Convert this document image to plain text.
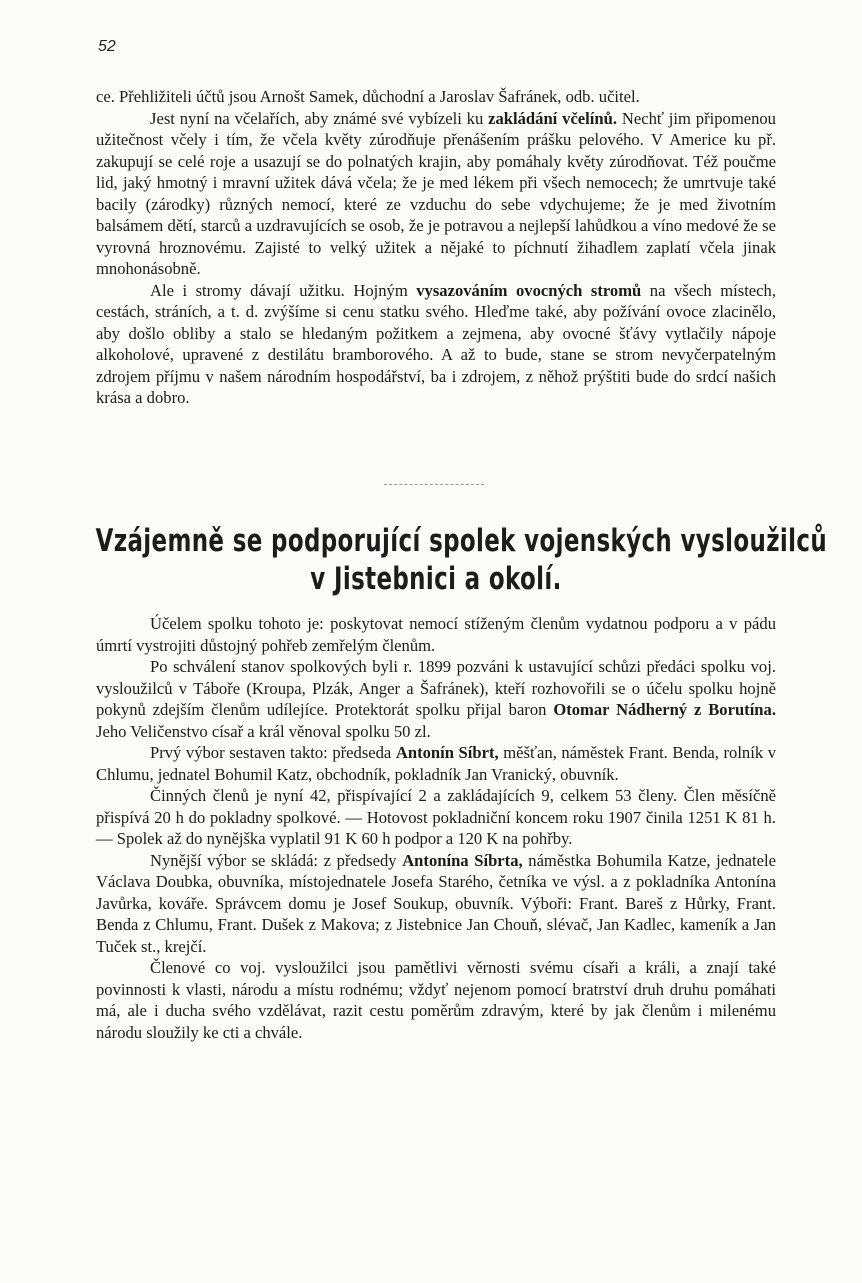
52

ce. Přehližiteli účtů jsou Arnošt Samek, důchodní a Jaroslav Šafránek, odb. učitel.

Jest nyní na včelařích, aby známé své vybízeli ku zakládání včelínů. Nechť jim připomenou užitečnost včely i tím, že včela květy zúrodňuje přenášením prášku pelového. V Americe ku př. zakupují se celé roje a usazují se do polnatých krajin, aby pomáhaly květy zúrodňovat. Též poučme lid, jaký hmotný i mravní užitek dává včela; že je med lékem při všech nemocech; že umrtvuje také bacily (zárodky) různých nemocí, které ze vzduchu do sebe vdychujeme; že je med životním balsámem dětí, starců a uzdravujících se osob, že je potravou a nejlepší lahůdkou a víno medové že se vyrovná hroznovému. Zajisté to velký užitek a nějaké to píchnutí žihadlem zaplatí včela jinak mnohonásobně.

Ale i stromy dávají užitku. Hojným vysazováním ovocných stromů na všech místech, cestách, stráních, a t. d. zvýšíme si cenu statku svého. Hleďme také, aby požívání ovoce zlacinělo, aby došlo obliby a stalo se hledaným požitkem a zejmena, aby ovocné šťávy vytlačily nápoje alkoholové, upravené z destilátu bramborového. A až to bude, stane se strom nevyčerpatelným zdrojem příjmu v našem národním hospodářství, ba i zdrojem, z něhož prýštiti bude do srdcí našich krása a dobro.

Vzájemně se podporující spolek vojenských vysloužilců
v Jistebnici a okolí.

Účelem spolku tohoto je: poskytovat nemocí stíženým členům vydatnou podporu a v pádu úmrtí vystrojiti důstojný pohřeb zemřelým členům.

Po schválení stanov spolkových byli r. 1899 pozváni k ustavující schůzi předáci spolku voj. vysloužilců v Táboře (Kroupa, Plzák, Anger a Šafránek), kteří rozhovořili se o účelu spolku hojně pokynů zdejším členům udílejíce. Protektorát spolku přijal baron Otomar Nádherný z Borutína. Jeho Veličenstvo císař a král věnoval spolku 50 zl.

Prvý výbor sestaven takto: předseda Antonín Síbrt, měšťan, náměstek Frant. Benda, rolník v Chlumu, jednatel Bohumil Katz, obchodník, pokladník Jan Vranický, obuvník.

Činných členů je nyní 42, přispívající 2 a zakládajících 9, celkem 53 členy. Člen měsíčně přispívá 20 h do pokladny spolkové. — Hotovost pokladniční koncem roku 1907 činila 1251 K 81 h. — Spolek až do nynějška vyplatil 91 K 60 h podpor a 120 K na pohřby.

Nynější výbor se skládá: z předsedy Antonína Síbrta, náměstka Bohumila Katze, jednatele Václava Doubka, obuvníka, místojednatele Josefa Starého, četníka ve výsl. a z pokladníka Antonína Javůrka, kováře. Správcem domu je Josef Soukup, obuvník. Výboři: Frant. Bareš z Hůrky, Frant. Benda z Chlumu, Frant. Dušek z Makova; z Jistebnice Jan Chouň, slévač, Jan Kadlec, kameník a Jan Tuček st., krejčí.

Členové co voj. vysloužilci jsou pamětlivi věrnosti svému císaři a králi, a znají také povinnosti k vlasti, národu a místu rodnému; vždyť nejenom pomocí bratrství druh druhu pomáhati má, ale i ducha svého vzdělávat, razit cestu poměrům zdravým, které by jak členům i milenému národu sloužily ke cti a chvále.
